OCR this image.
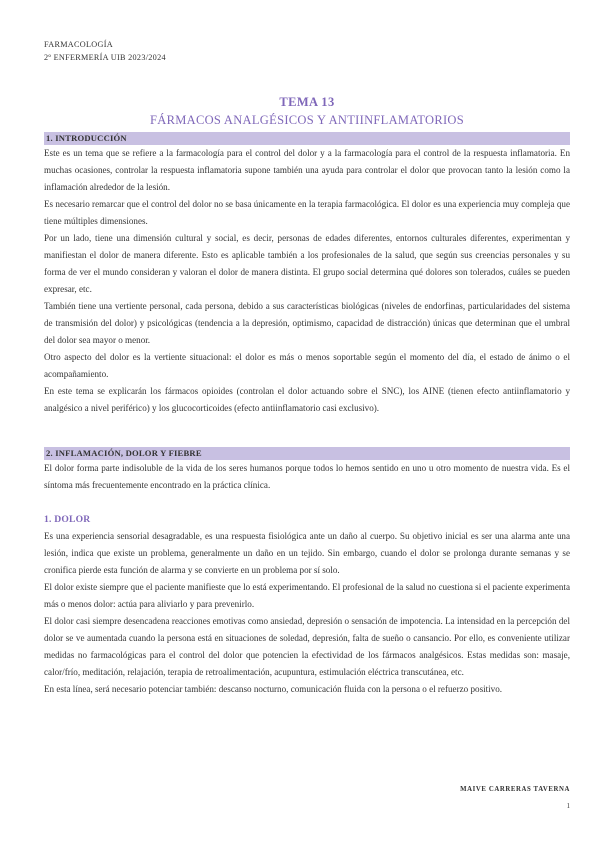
FARMACOLOGÍA
2º ENFERMERÍA UIB 2023/2024
TEMA 13
FÁRMACOS ANALGÉSICOS Y ANTIINFLAMATORIOS
1. INTRODUCCIÓN

Este es un tema que se refiere a la farmacología para el control del dolor y a la farmacología para el control de la respuesta inflamatoria. En muchas ocasiones, controlar la respuesta inflamatoria supone también una ayuda para controlar el dolor que provocan tanto la lesión como la inflamación alrededor de la lesión.

Es necesario remarcar que el control del dolor no se basa únicamente en la terapia farmacológica. El dolor es una experiencia muy compleja que tiene múltiples dimensiones.

Por un lado, tiene una dimensión cultural y social, es decir, personas de edades diferentes, entornos culturales diferentes, experimentan y manifiestan el dolor de manera diferente. Esto es aplicable también a los profesionales de la salud, que según sus creencias personales y su forma de ver el mundo consideran y valoran el dolor de manera distinta. El grupo social determina qué dolores son tolerados, cuáles se pueden expresar, etc.

También tiene una vertiente personal, cada persona, debido a sus características biológicas (niveles de endorfinas, particularidades del sistema de transmisión del dolor) y psicológicas (tendencia a la depresión, optimismo, capacidad de distracción) únicas que determinan que el umbral del dolor sea mayor o menor.

Otro aspecto del dolor es la vertiente situacional: el dolor es más o menos soportable según el momento del día, el estado de ánimo o el acompañamiento.

En este tema se explicarán los fármacos opioides (controlan el dolor actuando sobre el SNC), los AINE (tienen efecto antiinflamatorio y analgésico a nivel periférico) y los glucocorticoides (efecto antiinflamatorio casi exclusivo).

2. INFLAMACIÓN, DOLOR Y FIEBRE

El dolor forma parte indisoluble de la vida de los seres humanos porque todos lo hemos sentido en uno u otro momento de nuestra vida. Es el síntoma más frecuentemente encontrado en la práctica clínica.

1. DOLOR

Es una experiencia sensorial desagradable, es una respuesta fisiológica ante un daño al cuerpo. Su objetivo inicial es ser una alarma ante una lesión, indica que existe un problema, generalmente un daño en un tejido. Sin embargo, cuando el dolor se prolonga durante semanas y se cronifica pierde esta función de alarma y se convierte en un problema por sí solo.

El dolor existe siempre que el paciente manifieste que lo está experimentando. El profesional de la salud no cuestiona si el paciente experimenta más o menos dolor: actúa para aliviarlo y para prevenirlo.

El dolor casi siempre desencadena reacciones emotivas como ansiedad, depresión o sensación de impotencia. La intensidad en la percepción del dolor se ve aumentada cuando la persona está en situaciones de soledad, depresión, falta de sueño o cansancio. Por ello, es conveniente utilizar medidas no farmacológicas para el control del dolor que potencien la efectividad de los fármacos analgésicos. Estas medidas son: masaje, calor/frío, meditación, relajación, terapia de retroalimentación, acupuntura, estimulación eléctrica transcutánea, etc.

En esta línea, será necesario potenciar también: descanso nocturno, comunicación fluida con la persona o el refuerzo positivo.

MAIVE CARRERAS TAVERNA
1
